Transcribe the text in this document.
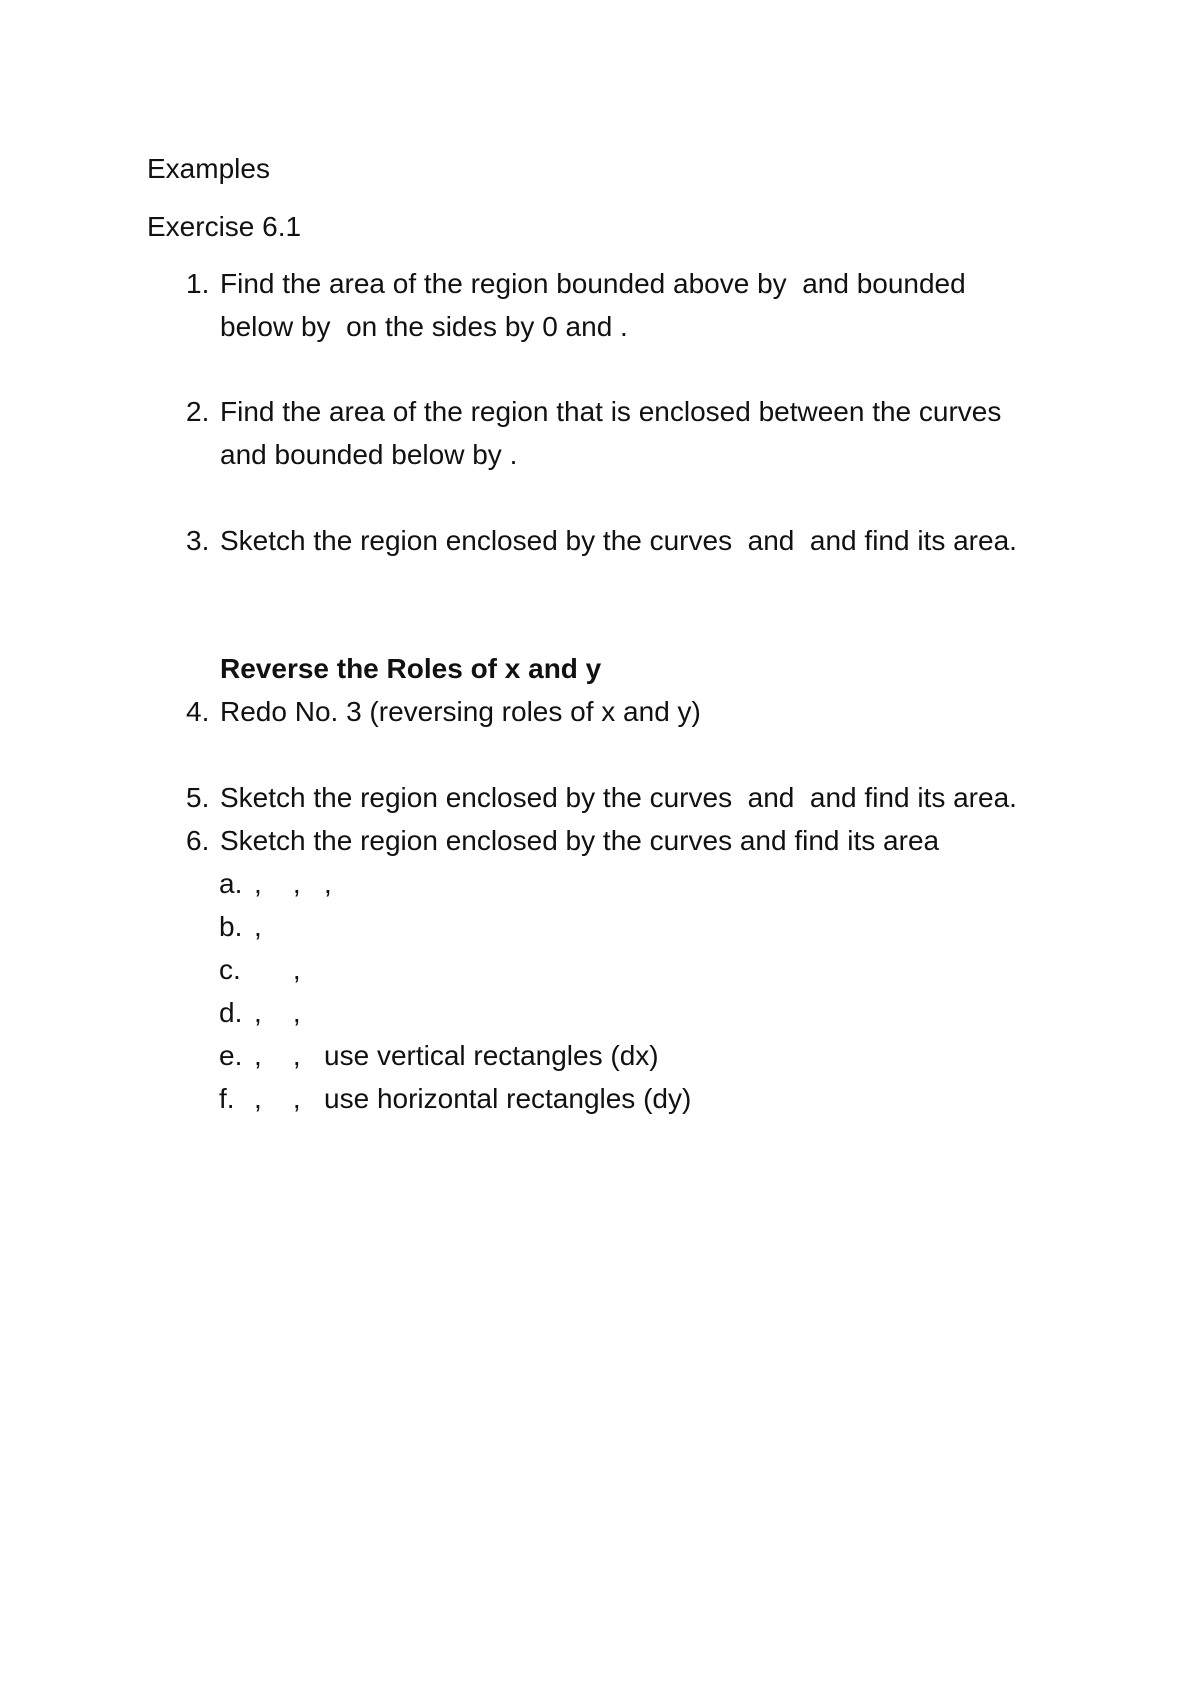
Examples
Exercise 6.1
1. Find the area of the region bounded above by  and bounded
below by  on the sides by 0 and .
2. Find the area of the region that is enclosed between the curves
and bounded below by .
3. Sketch the region enclosed by the curves  and  and find its area.
Reverse the Roles of x and y
4. Redo No. 3 (reversing roles of x and y)
5. Sketch the region enclosed by the curves  and  and find its area.
6. Sketch the region enclosed by the curves and find its area
a. ,    ,   ,
b. ,
c. ,
d. ,    ,
e. ,    ,   use vertical rectangles (dx)
f. ,    ,   use horizontal rectangles (dy)
